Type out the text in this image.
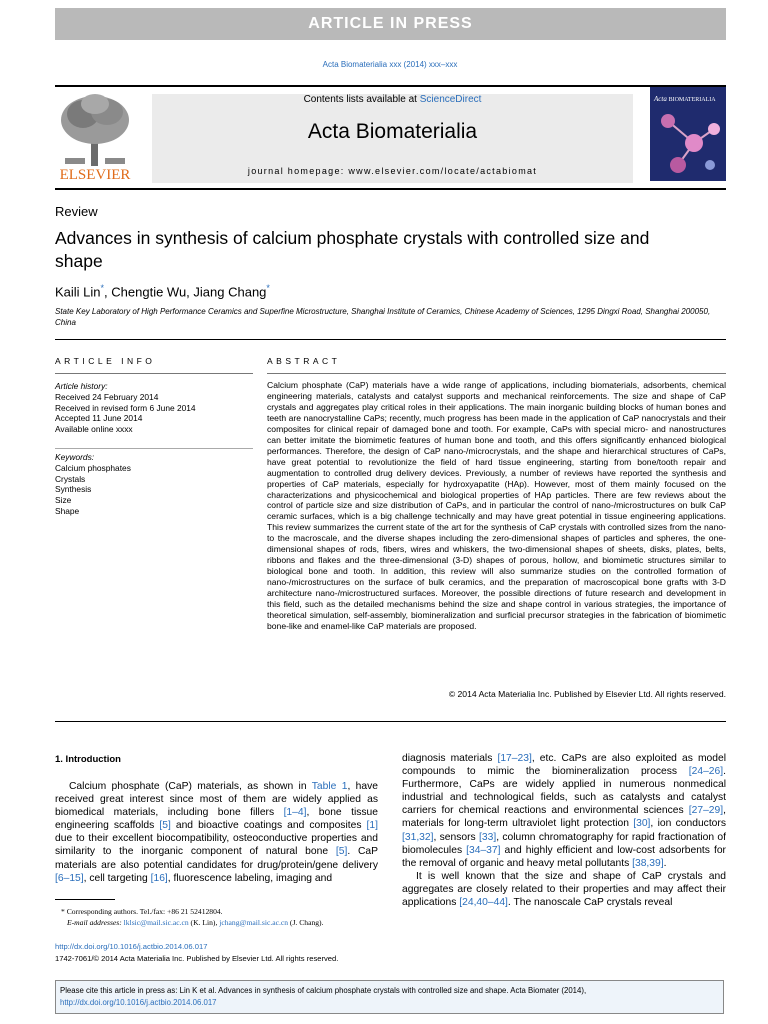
ARTICLE IN PRESS
Acta Biomaterialia xxx (2014) xxx–xxx
ELSEVIER
Contents lists available at ScienceDirect
Acta Biomaterialia
journal homepage: www.elsevier.com/locate/actabiomat
Acta BIOMATERIALIA
Review
Advances in synthesis of calcium phosphate crystals with controlled size and shape
Kaili Lin*, Chengtie Wu, Jiang Chang*
State Key Laboratory of High Performance Ceramics and Superfine Microstructure, Shanghai Institute of Ceramics, Chinese Academy of Sciences, 1295 Dingxi Road, Shanghai 200050, China
ARTICLE INFO	ABSTRACT
Article history:
Received 24 February 2014
Received in revised form 6 June 2014
Accepted 11 June 2014
Available online xxxx
Keywords:
Calcium phosphates
Crystals
Synthesis
Size
Shape
Calcium phosphate (CaP) materials have a wide range of applications, including biomaterials, adsorbents, chemical engineering materials, catalysts and catalyst supports and mechanical reinforcements. The size and shape of CaP crystals and aggregates play critical roles in their applications. The main inorganic building blocks of human bones and teeth are nanocrystalline CaPs; recently, much progress has been made in the application of CaP nanocrystals and their composites for clinical repair of damaged bone and tooth. For example, CaPs with special micro- and nanostructures can better imitate the biomimetic features of human bone and tooth, and this offers significantly enhanced biological performances. Therefore, the design of CaP nano-/microcrystals, and the shape and hierarchical structures of CaPs, have great potential to revolutionize the field of hard tissue engineering, starting from bone/tooth repair and augmentation to controlled drug delivery devices. Previously, a number of reviews have reported the synthesis and properties of CaP materials, especially for hydroxyapatite (HAp). However, most of them mainly focused on the characterizations and physicochemical and biological properties of HAp particles. There are few reviews about the control of particle size and size distribution of CaPs, and in particular the control of nano-/microstructures on bulk CaP ceramic surfaces, which is a big challenge technically and may have great potential in tissue engineering applications. This review summarizes the current state of the art for the synthesis of CaP crystals with controlled sizes from the nano- to the macroscale, and the diverse shapes including the zero-dimensional shapes of particles and spheres, the one-dimensional shapes of rods, fibers, wires and whiskers, the two-dimensional shapes of sheets, disks, plates, belts, ribbons and flakes and the three-dimensional (3-D) shapes of porous, hollow, and biomimetic structures similar to biological bone and tooth. In addition, this review will also summarize studies on the controlled formation of nano-/microstructures on the surface of bulk ceramics, and the preparation of macroscopical bone grafts with 3-D architecture nano-/microstructured surfaces. Moreover, the possible directions of future research and development in this field, such as the detailed mechanisms behind the size and shape control in various strategies, the importance of theoretical simulation, self-assembly, biomineralization and surficial precursor strategies in the fabrication of biomimetic bone-like and enamel-like CaP materials are proposed.
© 2014 Acta Materialia Inc. Published by Elsevier Ltd. All rights reserved.
1. Introduction
Calcium phosphate (CaP) materials, as shown in Table 1, have received great interest since most of them are widely applied as biomedical materials, including bone fillers [1–4], bone tissue engineering scaffolds [5] and bioactive coatings and composites [1] due to their excellent biocompatibility, osteoconductive properties and similarity to the inorganic component of natural bone [5]. CaP materials are also potential candidates for drug/protein/gene delivery [6–15], cell targeting [16], fluorescence labeling, imaging and

diagnosis materials [17–23], etc. CaPs are also exploited as model compounds to mimic the biomineralization process [24–26]. Furthermore, CaPs are widely applied in numerous nonmedical industrial and technological fields, such as catalysts and catalyst carriers for chemical reactions and environmental sciences [27–29], materials for long-term ultraviolet light protection [30], ion conductors [31,32], sensors [33], column chromatography for rapid fractionation of biomolecules [34–37] and highly efficient and low-cost adsorbents for the removal of organic and heavy metal pollutants [38,39].

It is well known that the size and shape of CaP crystals and aggregates are closely related to their properties and may affect their applications [24,40–44]. The nanoscale CaP crystals reveal

* Corresponding authors. Tel./fax: +86 21 52412804.
E-mail addresses: lklsic@mail.sic.ac.cn (K. Lin), jchang@mail.sic.ac.cn (J. Chang).
http://dx.doi.org/10.1016/j.actbio.2014.06.017
1742-7061/© 2014 Acta Materialia Inc. Published by Elsevier Ltd. All rights reserved.
Please cite this article in press as: Lin K et al. Advances in synthesis of calcium phosphate crystals with controlled size and shape. Acta Biomater (2014),
http://dx.doi.org/10.1016/j.actbio.2014.06.017
